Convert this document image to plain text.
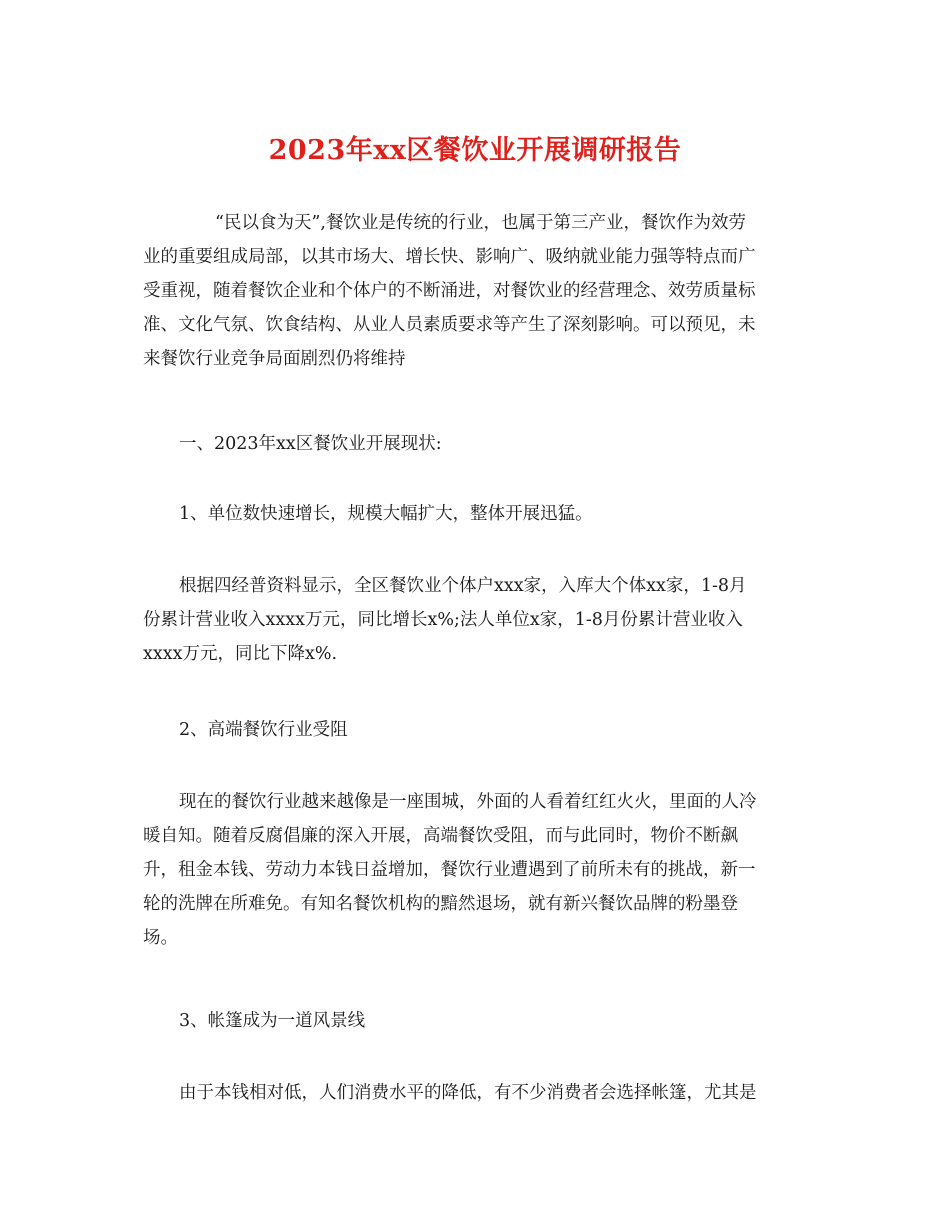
2023年xx区餐饮业开展调研报告

“民以食为天”,餐饮业是传统的行业，也属于第三产业，餐饮作为效劳
业的重要组成局部，以其市场大、增长快、影响广、吸纳就业能力强等特点而广
受重视，随着餐饮企业和个体户的不断涌进，对餐饮业的经营理念、效劳质量标
准、文化气氛、饮食结构、从业人员素质要求等产生了深刻影响。可以预见，未
来餐饮行业竞争局面剧烈仍将维持

一、2023年xx区餐饮业开展现状:

1、单位数快速增长，规模大幅扩大，整体开展迅猛。

根据四经普资料显示，全区餐饮业个体户xxx家，入库大个体xx家，1-8月
份累计营业收入xxxx万元，同比增长x%;法人单位x家，1-8月份累计营业收入
xxxx万元，同比下降x%.

2、高端餐饮行业受阻

现在的餐饮行业越来越像是一座围城，外面的人看着红红火火，里面的人冷
暖自知。随着反腐倡廉的深入开展，高端餐饮受阻，而与此同时，物价不断飙
升，租金本钱、劳动力本钱日益增加，餐饮行业遭遇到了前所未有的挑战，新一
轮的洗牌在所难免。有知名餐饮机构的黯然退场，就有新兴餐饮品牌的粉墨登
场。

3、帐篷成为一道风景线

由于本钱相对低，人们消费水平的降低，有不少消费者会选择帐篷，尤其是
